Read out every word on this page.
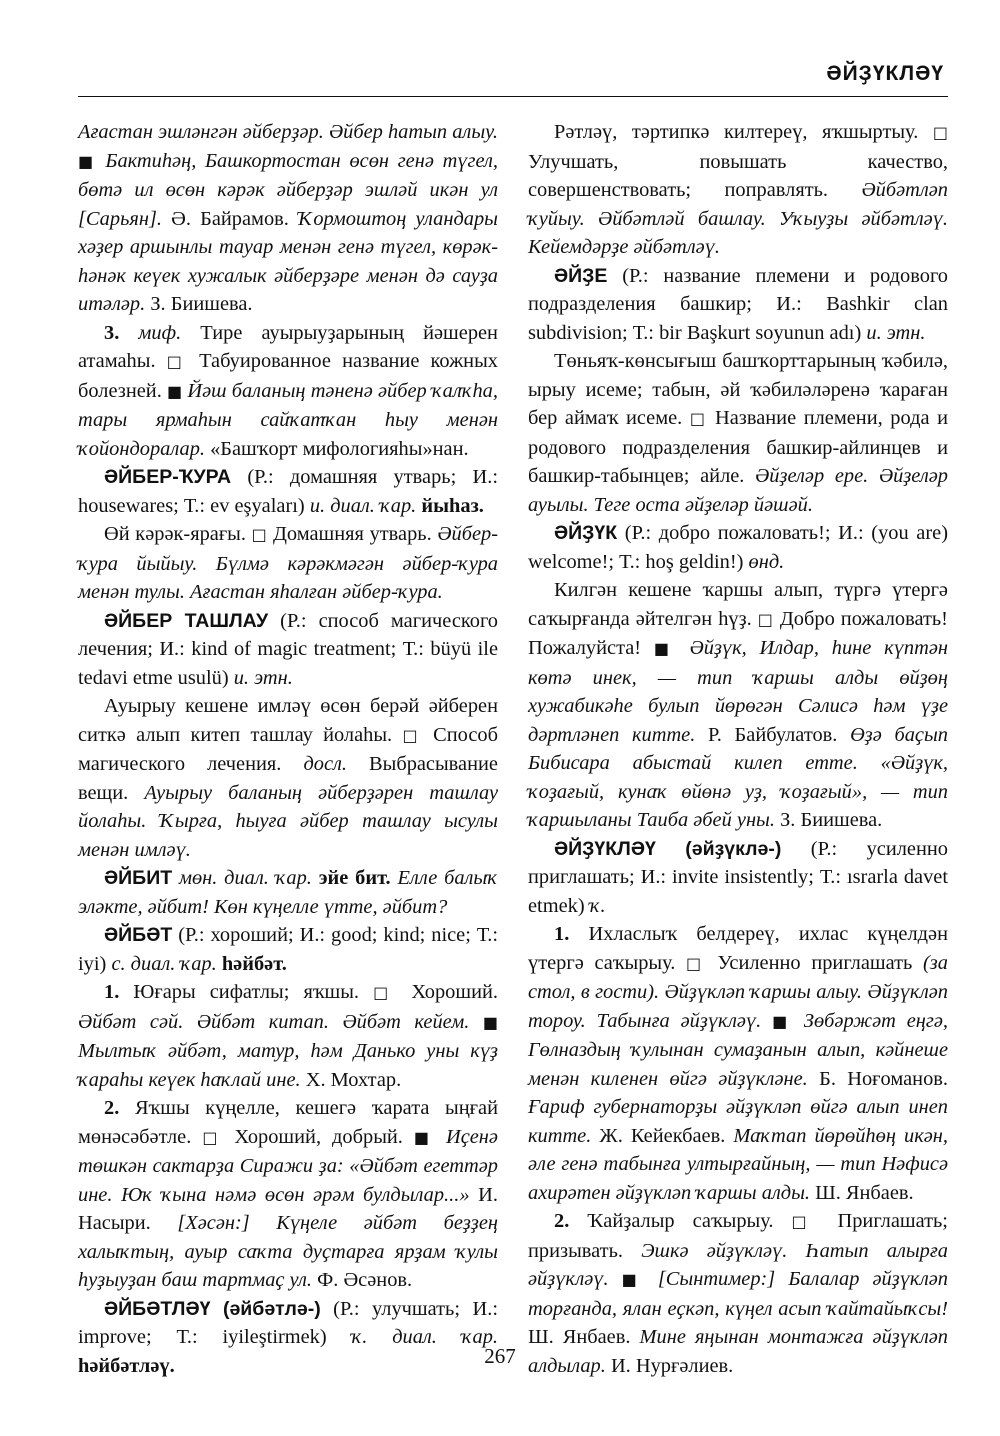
ӘЙҘҮКЛӘҮ

Ағастан эшләнгән әйберҙәр. Әйбер һатып алыу. ■ Бактиһәң, Башкортостан өсөн генә түгел, бөтә ил өсөн кәрәк әйберҙәр эшләй икән ул [Сарьян]. Ә. Байрамов. Ҡормоштоң уландары хәҙер аршынлы тауар менән генә түгел, көрәк-һәнәк кеүек хужалык әйберҙәре менән дә сауҙа итәләр. З. Биишева.

3. миф. Тире ауырыуҙарының йәшерен атамаһы. □ Табуированное название кожных болезней. ■ Йәш баланың тәненә әйбер ҡалҡһа, тары ярмаһын сайҡатҡан һыу менән ҡойондоралар. «Башҡорт мифологияһы»нан.

ӘЙБЕР-ҠУРА (Р.: домашняя утварь; И.: housewares; Т.: ev eşyaları) и. диал. ҡар. йыһаз.

Өй кәрәк-ярағы. □ Домашняя утварь. Әйбер-ҡура йыйыу. Бүлмә кәрәкмәгән әйбер-ҡура менән тулы. Ағастан яһалған әйбер-ҡура.

ӘЙБЕР ТАШЛАУ (Р.: способ магического лечения; И.: kind of magic treatment; Т.: büyü ile tedavi etme usulü) и. этн.

Ауырыу кешене имләү өсөн берәй әйберен ситкә алып китеп ташлау йолаһы. □ Способ магического лечения. досл. Выбрасывание вещи. Ауырыу баланың әйберҙәрен ташлау йолаһы. Ҡырға, һыуға әйбер ташлау ысулы менән имләү.

ӘЙБИТ мөн. диал. ҡар. эйе бит. Елле балыҡ эләкте, әйбит! Көн күңелле үтте, әйбит?

ӘЙБӘТ (Р.: хороший; И.: good; kind; nice; Т.: iyi) с. диал. ҡар. һәйбәт.

1. Юғары сифатлы; яҡшы. □ Хороший. Әйбәт сәй. Әйбәт китап. Әйбәт кейем. ■ Мылтыҡ әйбәт, матур, һәм Данько уны күҙ ҡараһы кеүек һаҡлай ине. Х. Мохтар.

2. Яҡшы күңелле, кешегә ҡарата ыңғай мөнәсәбәтле. □ Хороший, добрый. ■ Иҫенә төшкән сактарҙа Сиражи ҙа: «Әйбәт егеттәр ине. Юҡ ҡына нәмә өсөн әрәм булдылар...» И. Насыри. [Хәсән:] Күңеле әйбәт беҙҙең халыҡтың, ауыр саҡта дуҫтарға ярҙам ҡулы һуҙыуҙан баш тартмаҫ ул. Ф. Әсәнов.

ӘЙБӘТЛӘҮ (әйбәтлә-) (Р.: улучшать; И.: improve; Т.: iyileştirmek) ҡ. диал. ҡар. һәйбәтләү.

Рәтләү, тәртипкә килтереү, яҡшыртыу. □ Улучшать, повышать качество, совершенствовать; поправлять. Әйбәтләп ҡуйыу. Әйбәтләй башлау. Уҡыуҙы әйбәтләү. Кейемдәрҙе әйбәтләү.

ӘЙҘЕ (Р.: название племени и родового подразделения башкир; И.: Bashkir clan subdivision; Т.: bir Başkurt soyunun adı) и. этн.

Төньяҡ-көнсығыш башҡорттарының ҡәбилә, ырыу исеме; табын, әй ҡәбиләләренә ҡараған бер аймаҡ исеме. □ Название племени, рода и родового подразделения башкир-айлинцев и башкир-табынцев; айле. Әйҙеләр ере. Әйҙеләр ауылы. Теге оста әйҙеләр йәшәй.

ӘЙҘҮК (Р.: добро пожаловать!; И.: (you are) welcome!; Т.: hoş geldin!) өнд.

Килгән кешене ҡаршы алып, түргә үтергә саҡырғанда әйтелгән һүҙ. □ Добро пожаловать! Пожалуйста! ■ Әйҙүк, Илдар, һине күптән көтә инек, — тип ҡаршы алды өйҙөң хужабикәһе булып йөрөгән Сәлисә һәм үҙе дәртләнеп китте. Р. Байбулатов. Өҙә баҫып Бибисара абыстай килеп етте. «Әйҙүк, ҡоҙағый, кунаҡ өйөнә уҙ, ҡоҙағый», — тип ҡаршыланы Таиба әбей уны. З. Биишева.

ӘЙҘҮКЛӘҮ (әйҙүклә-) (Р.: усиленно приглашать; И.: invite insistently; Т.: ısrarla davet etmek) ҡ.

1. Ихласлыҡ белдереү, ихлас күңелдән үтергә саҡырыу. □ Усиленно приглашать (за стол, в гости). Әйҙүкләп ҡаршы алыу. Әйҙүкләп тороу. Табынға әйҙүкләү. ■ Зөбәржәт еңгә, Гөлназдың ҡулынан сумаҙанын алып, кәйнеше менән киленен өйгә әйҙүкләне. Б. Ноғоманов. Ғариф губернаторҙы әйҙүкләп өйгә алып инеп китте. Ж. Кейекбаев. Маҡтап йөрөйһөң икән, әле генә табынға ултырғайның, — тип Нәфисә ахирәтен әйҙүкләп ҡаршы алды. Ш. Янбаев.

2. Ҡайҙалыр саҡырыу. □ Приглашать; призывать. Эшкә әйҙүкләү. Һатып алырға әйҙүкләү. ■ [Сынтимер:] Балалар әйҙүкләп торғанда, ялан еҫкәп, күңел асып ҡайтайыҡсы! Ш. Янбаев. Мине яңынан монтажға әйҙүкләп алдылар. И. Нурғәлиев.

267
